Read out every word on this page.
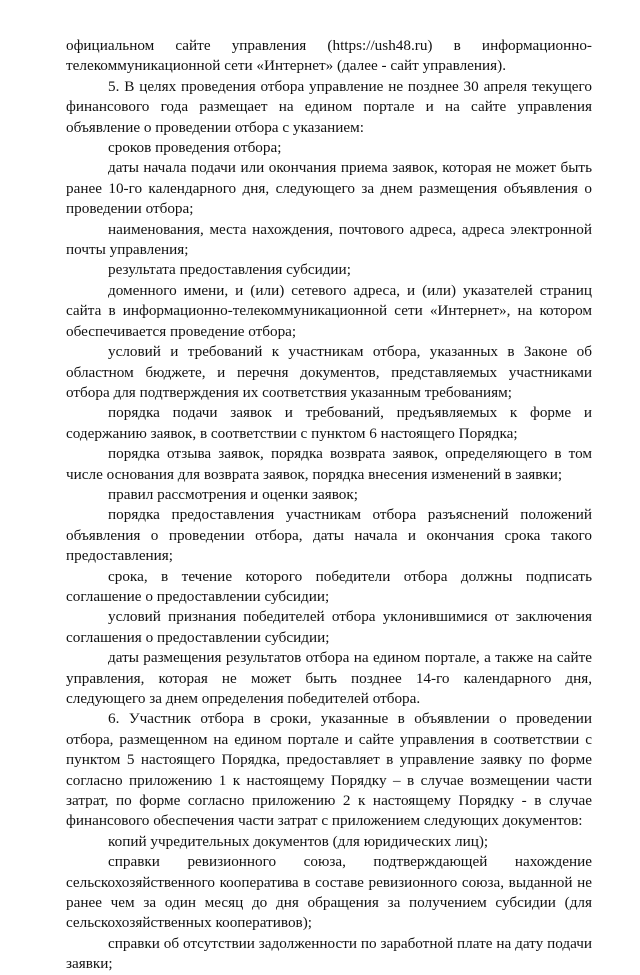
официальном сайте управления (https://ush48.ru) в информационно-телекоммуникационной сети «Интернет» (далее - сайт управления).

5. В целях проведения отбора управление не позднее 30 апреля текущего финансового года размещает на едином портале и на сайте управления объявление о проведении отбора с указанием:

сроков проведения отбора;

даты начала подачи или окончания приема заявок, которая не может быть ранее 10-го календарного дня, следующего за днем размещения объявления о проведении отбора;

наименования, места нахождения, почтового адреса, адреса электронной почты управления;

результата предоставления субсидии;

доменного имени, и (или) сетевого адреса, и (или) указателей страниц сайта в информационно-телекоммуникационной сети «Интернет», на котором обеспечивается проведение отбора;

условий и требований к участникам отбора, указанных в Законе об областном бюджете, и перечня документов, представляемых участниками отбора для подтверждения их соответствия указанным требованиям;

порядка подачи заявок и требований, предъявляемых к форме и содержанию заявок, в соответствии с пунктом 6 настоящего Порядка;

порядка отзыва заявок, порядка возврата заявок, определяющего в том числе основания для возврата заявок, порядка внесения изменений в заявки;

правил рассмотрения и оценки заявок;

порядка предоставления участникам отбора разъяснений положений объявления о проведении отбора, даты начала и окончания срока такого предоставления;

срока, в течение которого победители отбора должны подписать соглашение о предоставлении субсидии;

условий признания победителей отбора уклонившимися от заключения соглашения о предоставлении субсидии;

даты размещения результатов отбора на едином портале, а также на сайте управления, которая не может быть позднее 14-го календарного дня, следующего за днем определения победителей отбора.

6. Участник отбора в сроки, указанные в объявлении о проведении отбора, размещенном на едином портале и сайте управления в соответствии с пунктом 5 настоящего Порядка, предоставляет в управление заявку по форме согласно приложению 1 к настоящему Порядку – в случае возмещении части затрат, по форме согласно приложению 2 к настоящему Порядку - в случае финансового обеспечения части затрат с приложением следующих документов:

копий учредительных документов (для юридических лиц);

справки ревизионного союза, подтверждающей нахождение сельскохозяйственного кооператива в составе ревизионного союза, выданной не ранее чем за один месяц до дня обращения за получением субсидии (для сельскохозяйственных кооперативов);

справки об отсутствии задолженности по заработной плате на дату подачи заявки;
